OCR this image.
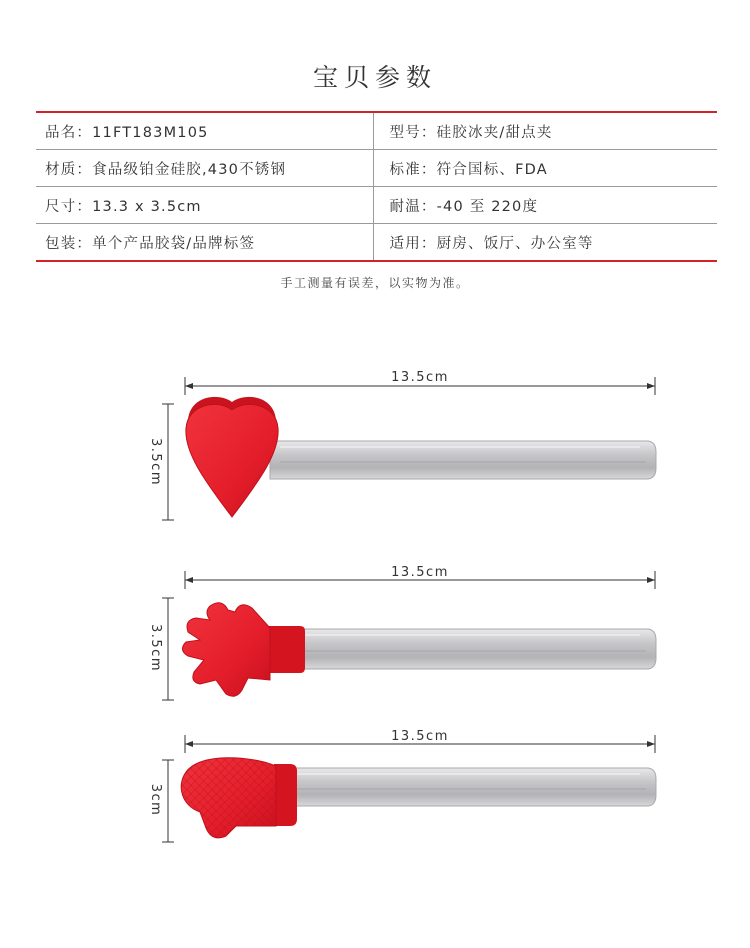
宝贝参数
品名：11FT183M105	型号：硅胶冰夹/甜点夹
材质：食品级铂金硅胶,430不锈钢	标准：符合国标、FDA
尺寸：13.3 x 3.5cm	耐温：-40 至 220度
包装：单个产品胶袋/品牌标签	适用：厨房、饭厅、办公室等
手工测量有误差，以实物为准。
13.5cm
3.5cm
13.5cm
3.5cm
13.5cm
3cm
